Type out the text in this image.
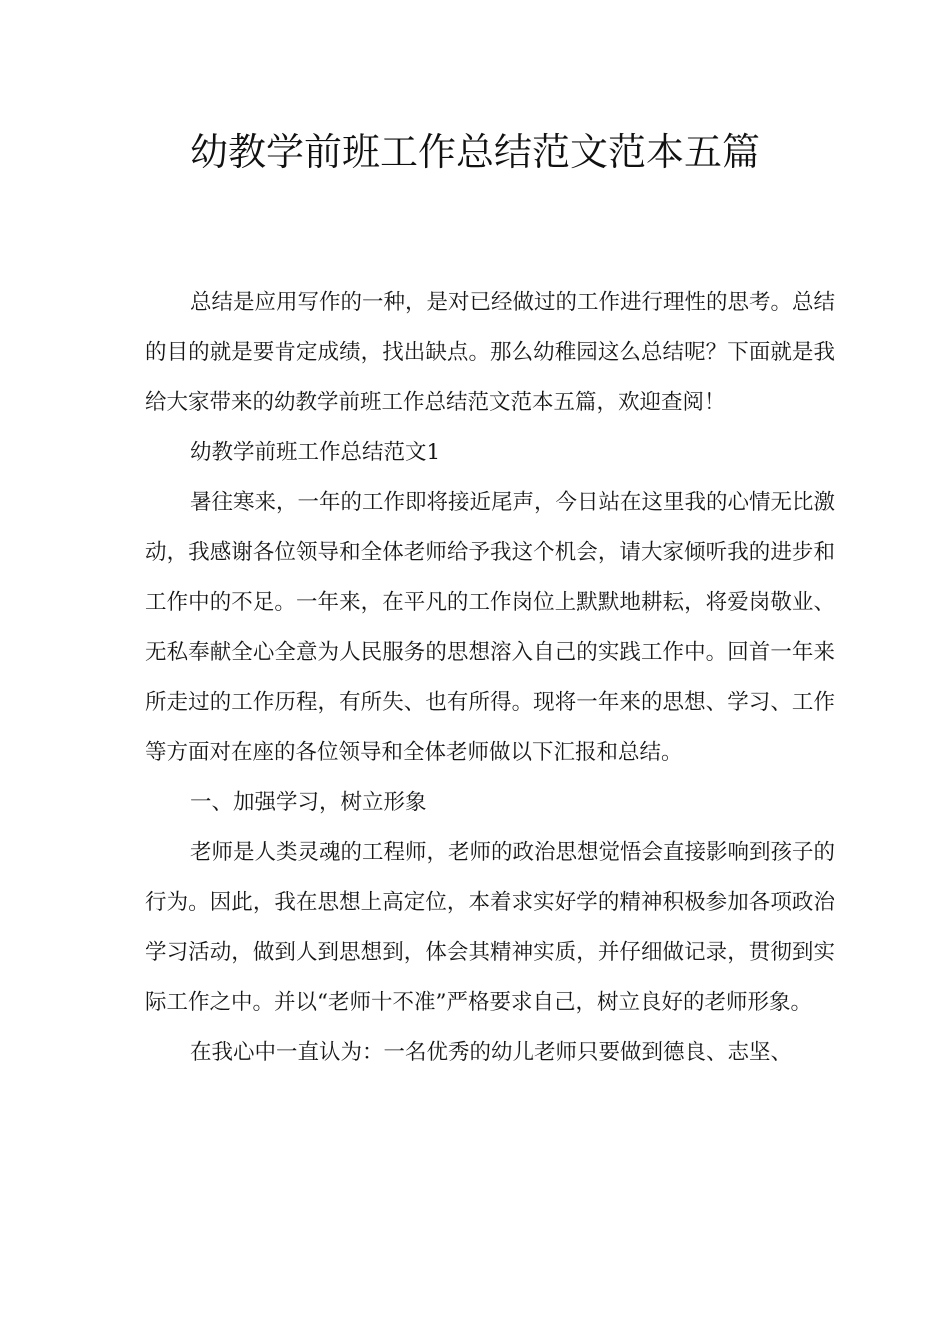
幼教学前班工作总结范文范本五篇

总结是应用写作的一种，是对已经做过的工作进行理性的思考。总结的目的就是要肯定成绩，找出缺点。那么幼稚园这么总结呢？下面就是我给大家带来的幼教学前班工作总结范文范本五篇，欢迎查阅！

幼教学前班工作总结范文1

暑往寒来，一年的工作即将接近尾声，今日站在这里我的心情无比激动，我感谢各位领导和全体老师给予我这个机会，请大家倾听我的进步和工作中的不足。一年来，在平凡的工作岗位上默默地耕耘，将爱岗敬业、无私奉献全心全意为人民服务的思想溶入自己的实践工作中。回首一年来所走过的工作历程，有所失、也有所得。现将一年来的思想、学习、工作等方面对在座的各位领导和全体老师做以下汇报和总结。

一、加强学习，树立形象

老师是人类灵魂的工程师，老师的政治思想觉悟会直接影响到孩子的行为。因此，我在思想上高定位，本着求实好学的精神积极参加各项政治学习活动，做到人到思想到，体会其精神实质，并仔细做记录，贯彻到实际工作之中。并以“老师十不准”严格要求自己，树立良好的老师形象。

在我心中一直认为：一名优秀的幼儿老师只要做到德良、志坚、
